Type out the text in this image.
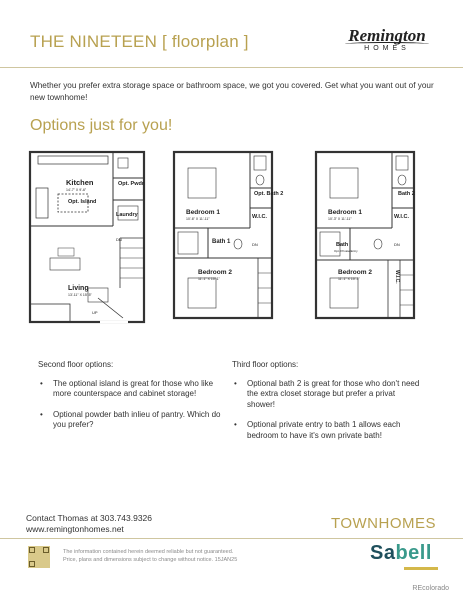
THE NINETEEN [ floorplan ]	Remington
HOMES
Whether you prefer extra storage space or bathroom space, we got you covered. Get what you want out of your new townhome!
Options just for you!
Kitchen
14'-7" X 9'-6"
Opt. Island
Opt. Pwdr
Laundry
DN
Living
13'-11" X 15'-5"
UP
Opt. Bath 2
Bedroom 1
10'-6" X 11'-11"	W.I.C.
Bath 1	DN
Bedroom 2
11'-1" X 10'-1"
Bath 2
Bedroom 1
10'-3" X 11'-11"	W.I.C.
Bath
Opt. Private Entry
DN
Bedroom 2
11'-1" X 10'-1"	W.I.C.
Second floor options:
• The optional island is great for those who like more counterspace and cabinet storage!
• Optional powder bath inlieu of pantry. Which do you prefer?
Third floor options:
• Optional bath 2 is great for those who don't need the extra closet storage but prefer a privat shower!
• Optional private entry to bath 1 allows each bedroom to have it's own private bath!
Contact Thomas at 303.743.9326
www.remingtonhomes.net	TOWNHOMES
The information contained herein deemed reliable but not guaranteed.
Price, plans and dimensions subject to change without notice. 15JAN25	Sabell
REcolorado
